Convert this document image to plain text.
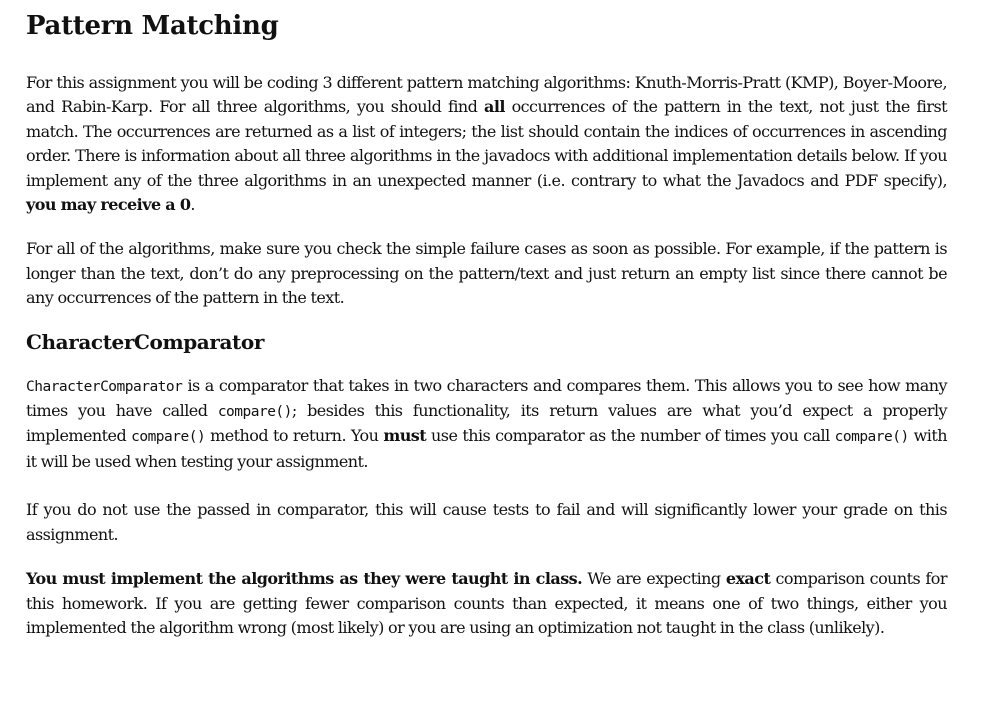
Pattern Matching

For this assignment you will be coding 3 different pattern matching algorithms: Knuth-Morris-Pratt (KMP), Boyer-Moore, and Rabin-Karp. For all three algorithms, you should find all occurrences of the pattern in the text, not just the first match. The occurrences are returned as a list of integers; the list should contain the indices of occurrences in ascending order. There is information about all three algorithms in the javadocs with additional implementation details below. If you implement any of the three algorithms in an unexpected manner (i.e. contrary to what the Javadocs and PDF specify), you may receive a 0.

For all of the algorithms, make sure you check the simple failure cases as soon as possible. For example, if the pattern is longer than the text, don’t do any preprocessing on the pattern/text and just return an empty list since there cannot be any occurrences of the pattern in the text.

CharacterComparator

CharacterComparator is a comparator that takes in two characters and compares them. This allows you to see how many times you have called compare(); besides this functionality, its return values are what you’d expect a properly implemented compare() method to return. You must use this comparator as the number of times you call compare() with it will be used when testing your assignment.

If you do not use the passed in comparator, this will cause tests to fail and will significantly lower your grade on this assignment.

You must implement the algorithms as they were taught in class. We are expecting exact comparison counts for this homework. If you are getting fewer comparison counts than expected, it means one of two things, either you implemented the algorithm wrong (most likely) or you are using an optimization not taught in the class (unlikely).
